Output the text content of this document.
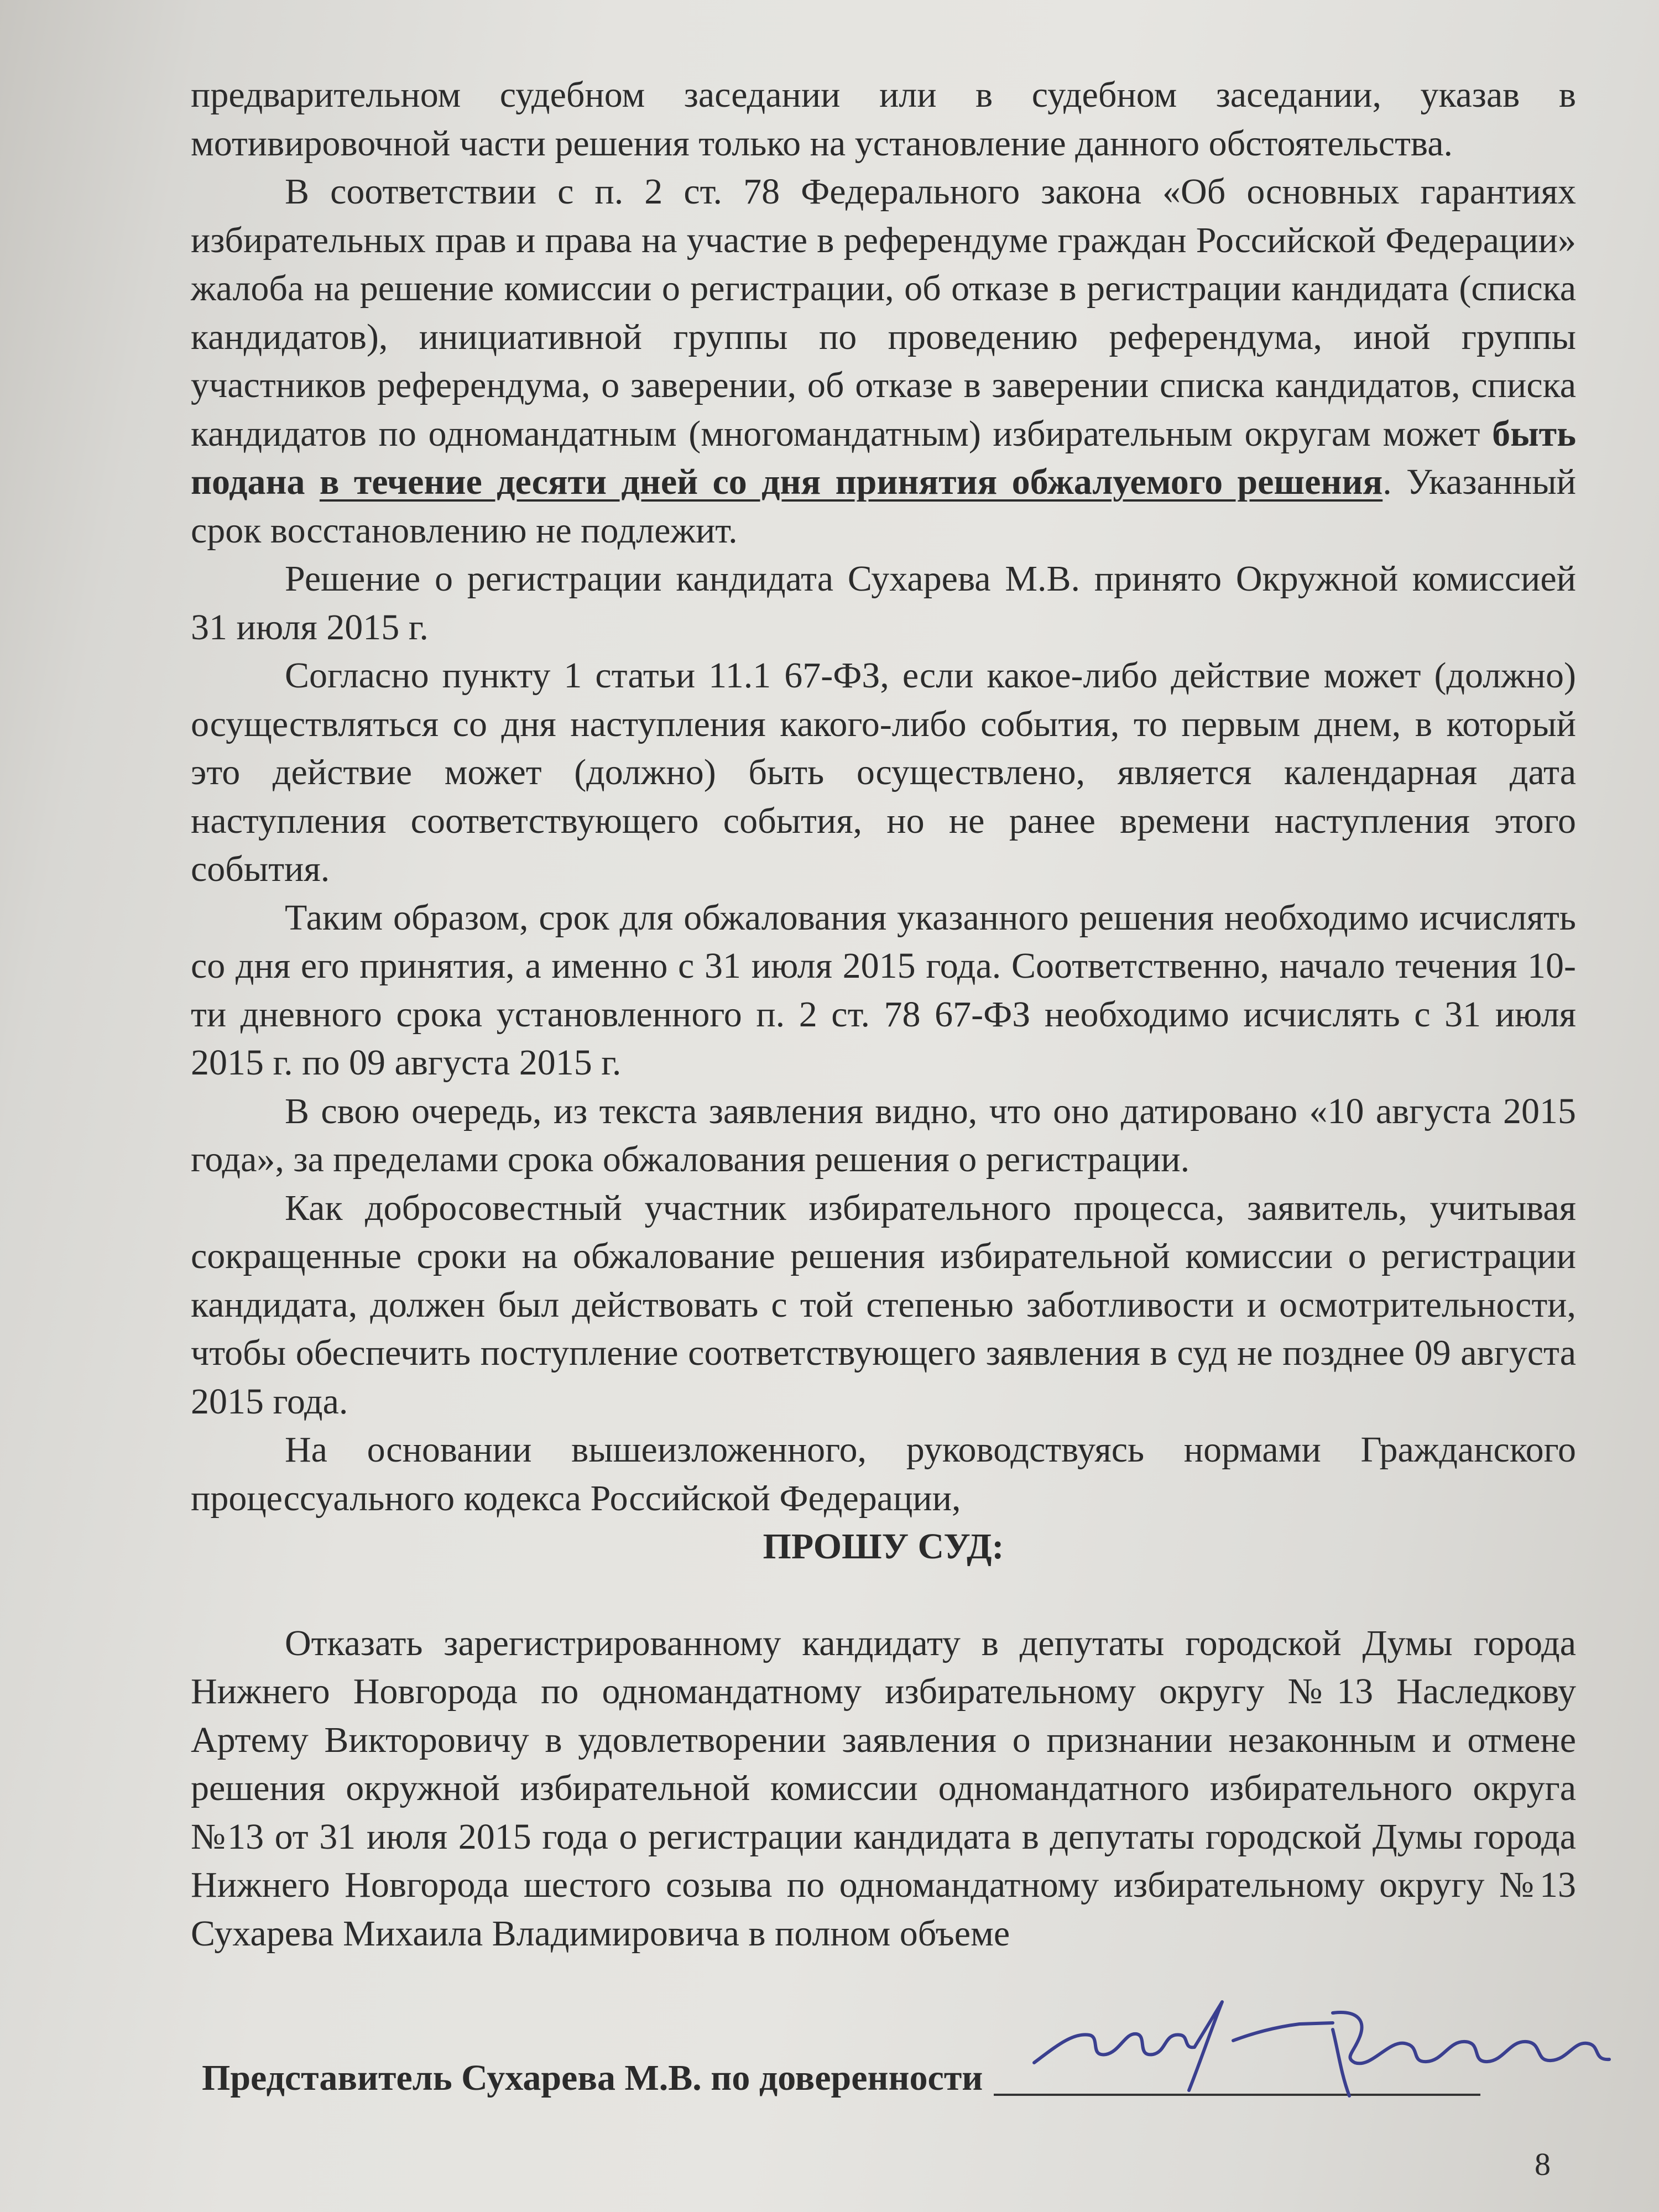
предварительном судебном заседании или в судебном заседании, указав в мотивировочной части решения только на установление данного обстоятельства.

В соответствии с п. 2 ст. 78 Федерального закона «Об основных гарантиях избирательных прав и права на участие в референдуме граждан Российской Федерации» жалоба на решение комиссии о регистрации, об отказе в регистрации кандидата (списка кандидатов), инициативной группы по проведению референдума, иной группы участников референдума, о заверении, об отказе в заверении списка кандидатов, списка кандидатов по одномандатным (многомандатным) избирательным округам может быть подана в течение десяти дней со дня принятия обжалуемого решения. Указанный срок восстановлению не подлежит.

Решение о регистрации кандидата Сухарева М.В. принято Окружной комиссией 31 июля 2015 г.

Согласно пункту 1 статьи 11.1 67-ФЗ, если какое-либо действие может (должно) осуществляться со дня наступления какого-либо события, то первым днем, в который это действие может (должно) быть осуществлено, является календарная дата наступления соответствующего события, но не ранее времени наступления этого события.

Таким образом, срок для обжалования указанного решения необходимо исчислять со дня его принятия, а именно с 31 июля 2015 года. Соответственно, начало течения 10-ти дневного срока установленного п. 2 ст. 78 67-ФЗ необходимо исчислять с 31 июля 2015 г. по 09 августа 2015 г.

В свою очередь, из текста заявления видно, что оно датировано «10 августа 2015 года», за пределами срока обжалования решения о регистрации.

Как добросовестный участник избирательного процесса, заявитель, учитывая сокращенные сроки на обжалование решения избирательной комиссии о регистрации кандидата, должен был действовать с той степенью заботливости и осмотрительности, чтобы обеспечить поступление соответствующего заявления в суд не позднее 09 августа 2015 года.

На основании вышеизложенного, руководствуясь нормами Гражданского процессуального кодекса Российской Федерации,

ПРОШУ СУД:

Отказать зарегистрированному кандидату в депутаты городской Думы города Нижнего Новгорода по одномандатному избирательному округу №13 Наследкову Артему Викторовичу в удовлетворении заявления о признании незаконным и отмене решения окружной избирательной комиссии одномандатного избирательного округа №13 от 31 июля 2015 года о регистрации кандидата в депутаты городской Думы города Нижнего Новгорода шестого созыва по одномандатному избирательному округу №13 Сухарева Михаила Владимировича в полном объеме

Представитель Сухарева М.В. по доверенности
8
